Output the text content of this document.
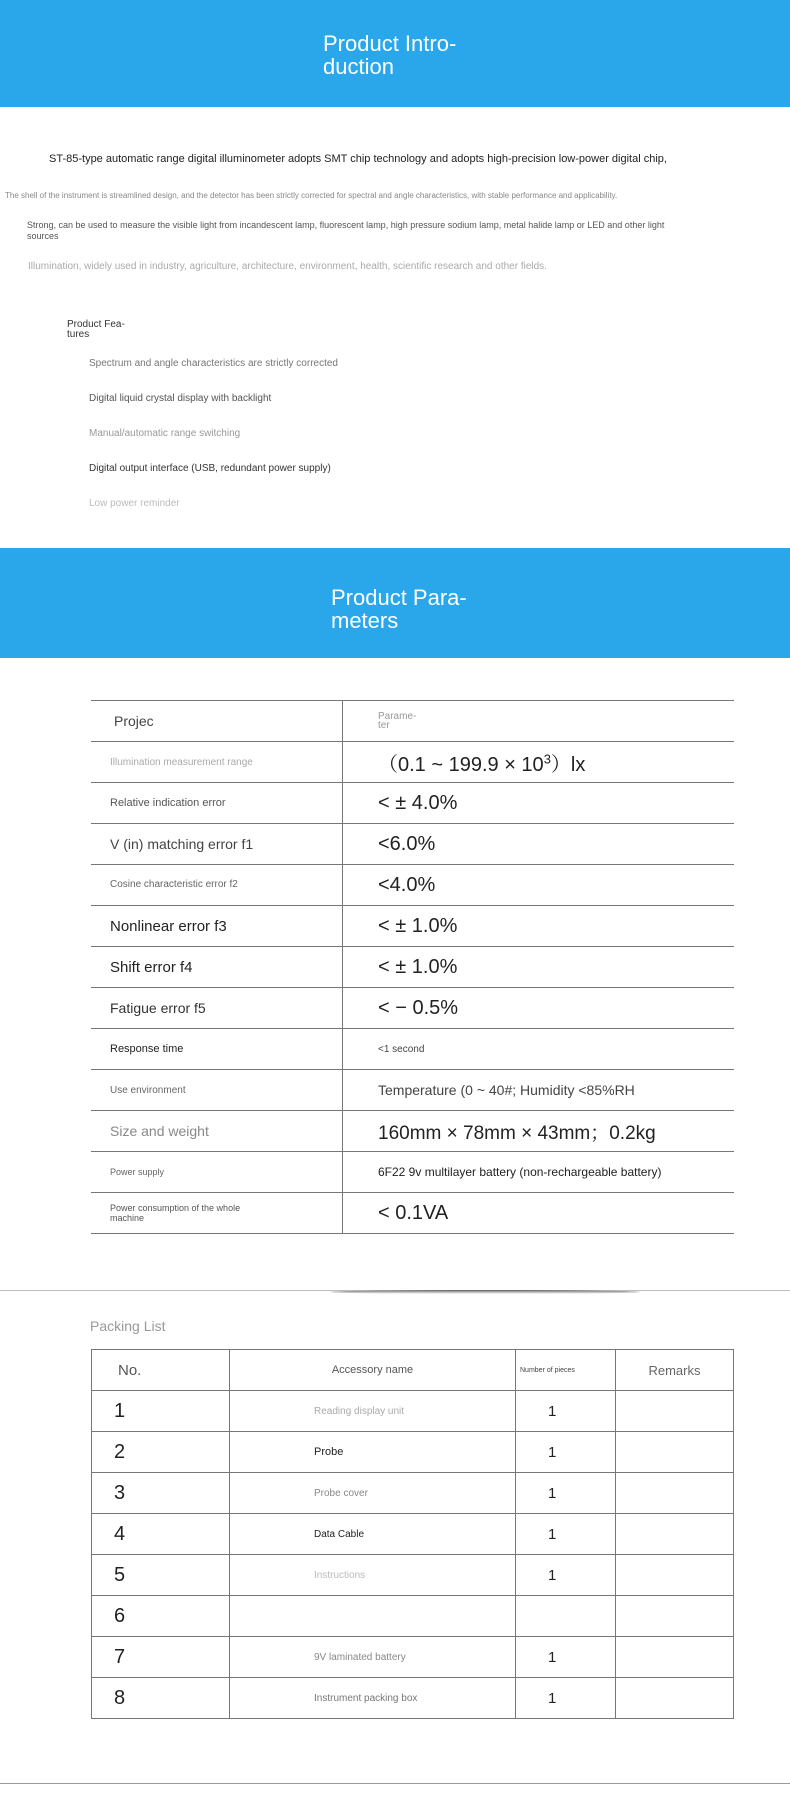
Product Intro-
duction
ST-85-type automatic range digital illuminometer adopts SMT chip technology and adopts high-precision low-power digital chip,
The shell of the instrument is streamlined design, and the detector has been strictly corrected for spectral and angle characteristics, with stable performance and applicability.
Strong, can be used to measure the visible light from incandescent lamp, fluorescent lamp, high pressure sodium lamp, metal halide lamp or LED and other light
sources
Illumination, widely used in industry, agriculture, architecture, environment, health, scientific research and other fields.
Product Fea-
tures
Spectrum and angle characteristics are strictly corrected
Digital liquid crystal display with backlight
Manual/automatic range switching
Digital output interface (USB, redundant power supply)
Low power reminder
Product Para-
meters
Projec	Parame-
ter

Illumination measurement range	（0.1 ~ $199.9 \times 10^3)lx$
Relative indication error	< ± 4.0%
V (in) matching error f1	<6.0%
Cosine characteristic error f2	<4.0%
Nonlinear error f3	< ± 1.0%
Shift error f4	< ± 1.0%
Fatigue error f5	< − 0.5%
Response time	<1 second
Use environment	Temperature (0 ~ 40#; Humidity <85%RH
Size and weight	160mm × 78mm × 43mm；0.2kg
Power supply	6F22 9v multilayer battery (non-rechargeable battery)
Power consumption of the whole machine	< 0.1VA
Packing List
No.	Accessory name	Number of pieces	Remarks
1	Reading display unit	1	
2	Probe	1	
3	Probe cover	1	
4	Data Cable	1	
5	Instructions	1	
6			
7	9V laminated battery	1	
8	Instrument packing box	1	
